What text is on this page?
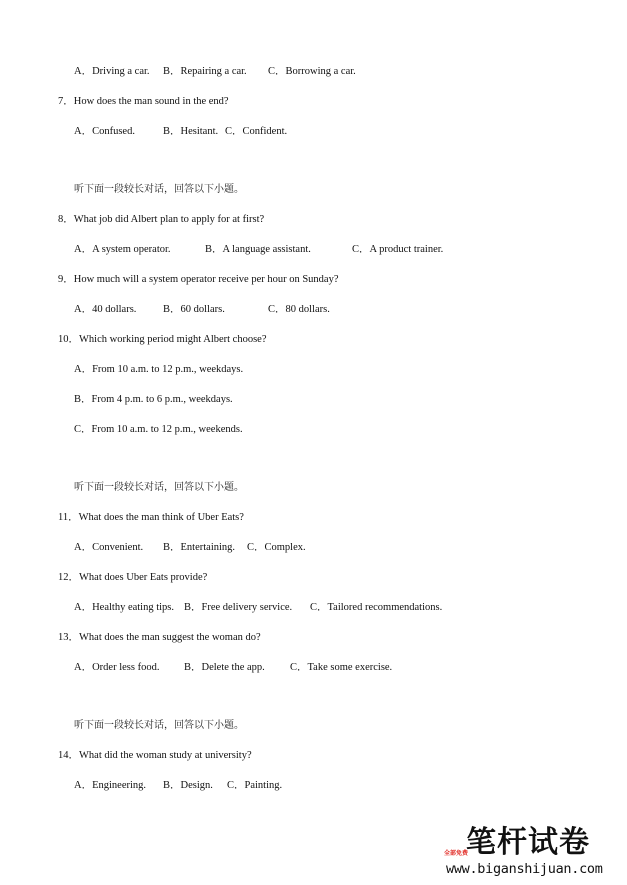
A．Driving a car. B．Repairing a car. C．Borrowing a car.
7．How does the man sound in the end?
A．Confused.	B．Hesitant. C．Confident.
听下面一段较长对话，回答以下小题。
8．What job did Albert plan to apply for at first?
A．A system operator.	B．A language assistant.	C．A product trainer.
9．How much will a system operator receive per hour on Sunday?
A．40 dollars.	B．60 dollars.	C．80 dollars.
10．Which working period might Albert choose?
A．From 10 a.m. to 12 p.m., weekdays.
B．From 4 p.m. to 6 p.m., weekdays.
C．From 10 a.m. to 12 p.m., weekends.
听下面一段较长对话，回答以下小题。
11．What does the man think of Uber Eats?
A．Convenient. B．Entertaining. C．Complex.
12．What does Uber Eats provide?
A．Healthy eating tips. B．Free delivery service. C．Tailored recommendations.
13．What does the man suggest the woman do?
A．Order less food. B．Delete the app. C．Take some exercise.
听下面一段较长对话，回答以下小题。
14．What did the woman study at university?
A．Engineering. B．Design. C．Painting.
笔杆试卷
全部免费
www.biganshijuan.com
